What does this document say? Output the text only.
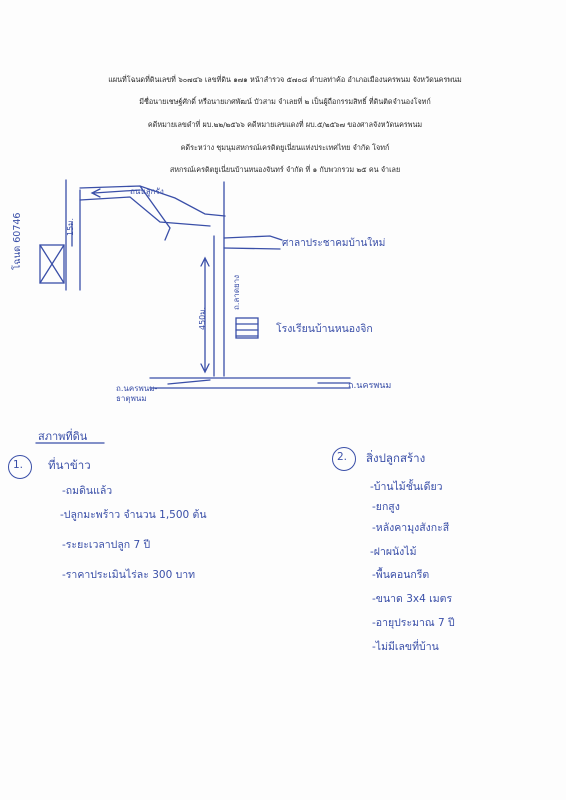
แผนที่โฉนดที่ดินเลขที่ ๖๐๗๔๖ เลขที่ดิน ๑๗๑ หน้าสำรวจ ๕๗๐๘ ตำบลท่าค้อ อำเภอเมืองนครพนม จังหวัดนครพนม
มีชื่อนายเชษฐ์ศักดิ์ หรือนายเกศพัฒน์ บัวสาม จำเลยที่ ๒ เป็นผู้ถือกรรมสิทธิ์ ที่ดินติดจำนองโจทก์
คดีหมายเลขดำที่ ผบ.๒๒/๒๕๖๖ คดีหมายเลขแดงที่ ผบ.๕/๒๕๖๗ ของศาลจังหวัดนครพนม
คดีระหว่าง ชุมนุมสหกรณ์เครดิตยูเนี่ยนแห่งประเทศไทย จำกัด โจทก์
สหกรณ์เครดิตยูเนี่ยนบ้านหนองจันทร์ จำกัด ที่ ๑ กับพวกรวม ๒๕ คน จำเลย
โฉนด 60746	15ม.
ถนนลูกรัง
ศาลาประชาคมบ้านใหม่
ถ.ลาดยาง
450ม.	โรงเรียนบ้านหนองจิก
ถ.นครพนม-ธาตุพนม
ถ.นครพนม
สภาพที่ดิน
1. ที่นาข้าว
-ถมดินแล้ว
-ปลูกมะพร้าว จำนวน 1,500 ต้น
-ระยะเวลาปลูก 7 ปี
-ราคาประเมินไร่ละ 300 บาท
2. สิ่งปลูกสร้าง
-บ้านไม้ชั้นเดียว
-ยกสูง
-หลังคามุงสังกะสี
-ฝาผนังไม้
-พื้นคอนกรีต
-ขนาด 3x4 เมตร
-อายุประมาณ 7 ปี
-ไม่มีเลขที่บ้าน
